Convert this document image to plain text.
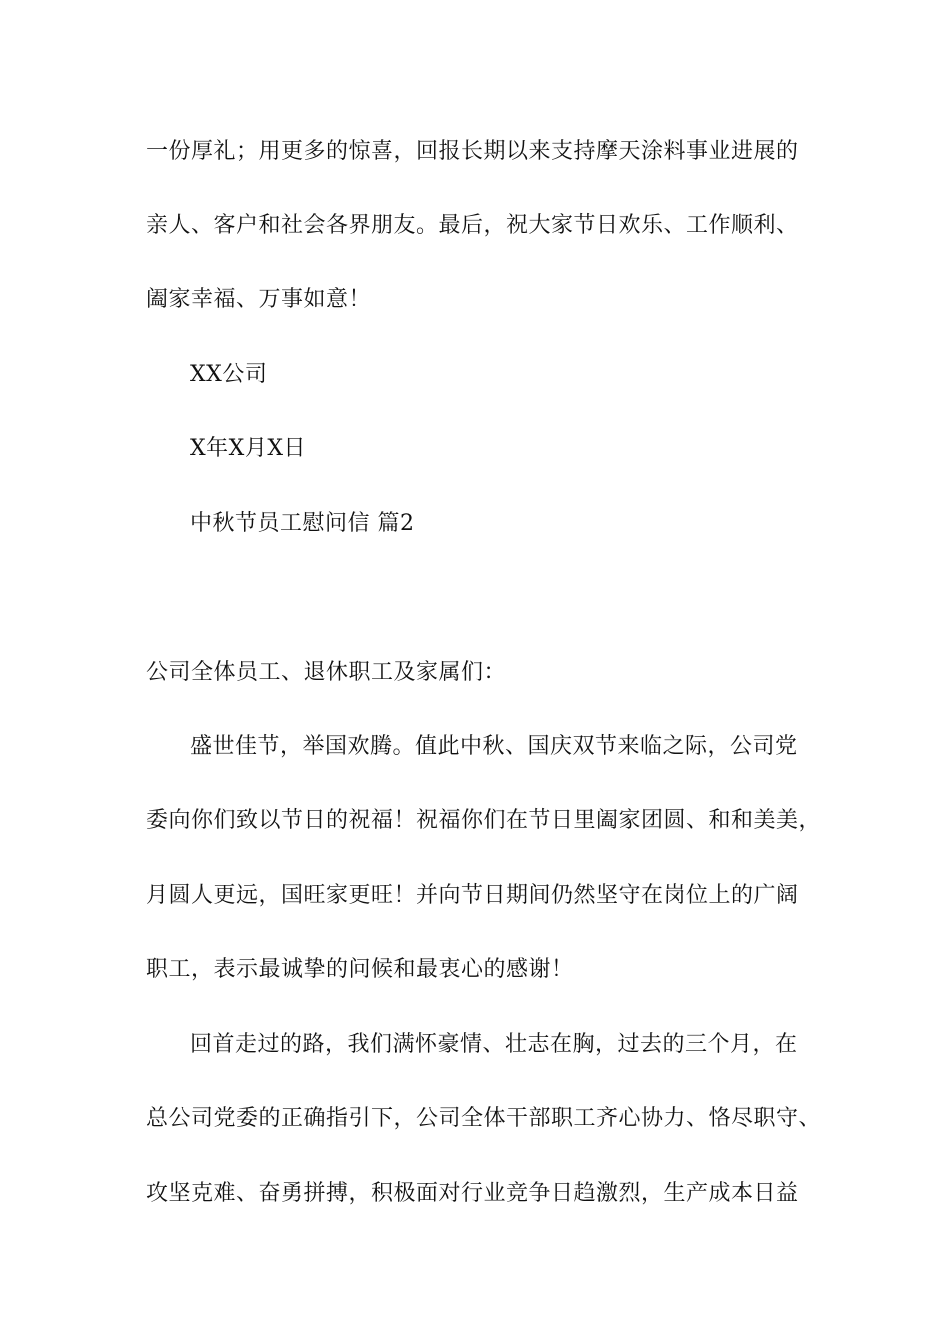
一份厚礼；用更多的惊喜，回报长期以来支持摩天涂料事业进展的
亲人、客户和社会各界朋友。最后，祝大家节日欢乐、工作顺利、
阖家幸福、万事如意！
XX公司
X年X月X日
中秋节员工慰问信 篇2
公司全体员工、退休职工及家属们：
盛世佳节，举国欢腾。值此中秋、国庆双节来临之际，公司党
委向你们致以节日的祝福！祝福你们在节日里阖家团圆、和和美美，
月圆人更远，国旺家更旺！并向节日期间仍然坚守在岗位上的广阔
职工，表示最诚挚的问候和最衷心的感谢！
回首走过的路，我们满怀豪情、壮志在胸，过去的三个月，在
总公司党委的正确指引下，公司全体干部职工齐心协力、恪尽职守、
攻坚克难、奋勇拼搏，积极面对行业竞争日趋激烈，生产成本日益
